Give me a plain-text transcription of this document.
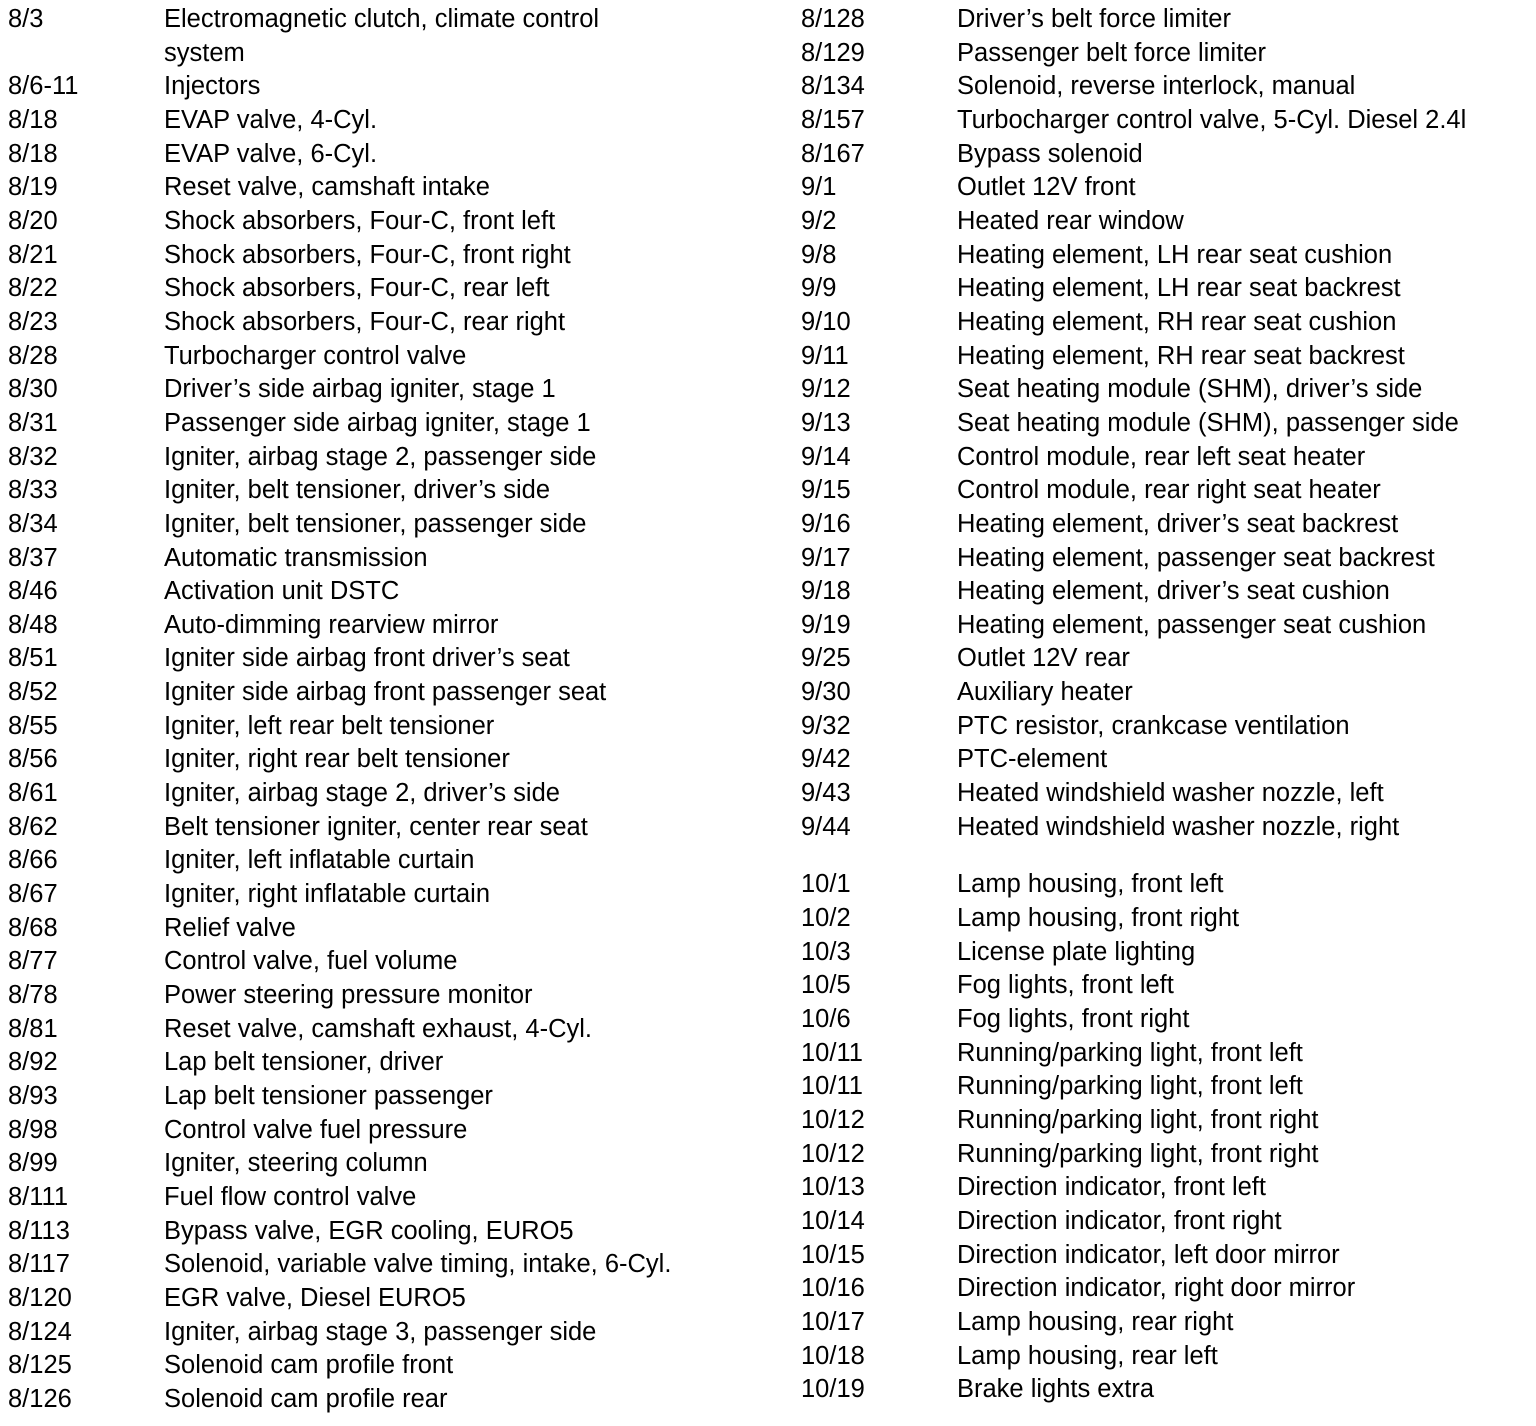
8/3	Electromagnetic clutch, climate control
system
8/6-11	Injectors
8/18	EVAP valve, 4-Cyl.
8/18	EVAP valve, 6-Cyl.
8/19	Reset valve, camshaft intake
8/20	Shock absorbers, Four-C, front left
8/21	Shock absorbers, Four-C, front right
8/22	Shock absorbers, Four-C, rear left
8/23	Shock absorbers, Four-C, rear right
8/28	Turbocharger control valve
8/30	Driver’s side airbag igniter, stage 1
8/31	Passenger side airbag igniter, stage 1
8/32	Igniter, airbag stage 2, passenger side
8/33	Igniter, belt tensioner, driver’s side
8/34	Igniter, belt tensioner, passenger side
8/37	Automatic transmission
8/46	Activation unit DSTC
8/48	Auto-dimming rearview mirror
8/51	Igniter side airbag front driver’s seat
8/52	Igniter side airbag front passenger seat
8/55	Igniter, left rear belt tensioner
8/56	Igniter, right rear belt tensioner
8/61	Igniter, airbag stage 2, driver’s side
8/62	Belt tensioner igniter, center rear seat
8/66	Igniter, left inflatable curtain
8/67	Igniter, right inflatable curtain
8/68	Relief valve
8/77	Control valve, fuel volume
8/78	Power steering pressure monitor
8/81	Reset valve, camshaft exhaust, 4-Cyl.
8/92	Lap belt tensioner, driver
8/93	Lap belt tensioner passenger
8/98	Control valve fuel pressure
8/99	Igniter, steering column
8/111	Fuel flow control valve
8/113	Bypass valve, EGR cooling, EURO5
8/117	Solenoid, variable valve timing, intake, 6-Cyl.
8/120	EGR valve, Diesel EURO5
8/124	Igniter, airbag stage 3, passenger side
8/125	Solenoid cam profile front
8/126	Solenoid cam profile rear
8/128	Driver’s belt force limiter
8/129	Passenger belt force limiter
8/134	Solenoid, reverse interlock, manual
8/157	Turbocharger control valve, 5-Cyl. Diesel 2.4l
8/167	Bypass solenoid
9/1	Outlet 12V front
9/2	Heated rear window
9/8	Heating element, LH rear seat cushion
9/9	Heating element, LH rear seat backrest
9/10	Heating element, RH rear seat cushion
9/11	Heating element, RH rear seat backrest
9/12	Seat heating module (SHM), driver’s side
9/13	Seat heating module (SHM), passenger side
9/14	Control module, rear left seat heater
9/15	Control module, rear right seat heater
9/16	Heating element, driver’s seat backrest
9/17	Heating element, passenger seat backrest
9/18	Heating element, driver’s seat cushion
9/19	Heating element, passenger seat cushion
9/25	Outlet 12V rear
9/30	Auxiliary heater
9/32	PTC resistor, crankcase ventilation
9/42	PTC-element
9/43	Heated windshield washer nozzle, left
9/44	Heated windshield washer nozzle, right
10/1	Lamp housing, front left
10/2	Lamp housing, front right
10/3	License plate lighting
10/5	Fog lights, front left
10/6	Fog lights, front right
10/11	Running/parking light, front left
10/11	Running/parking light, front left
10/12	Running/parking light, front right
10/12	Running/parking light, front right
10/13	Direction indicator, front left
10/14	Direction indicator, front right
10/15	Direction indicator, left door mirror
10/16	Direction indicator, right door mirror
10/17	Lamp housing, rear right
10/18	Lamp housing, rear left
10/19	Brake lights extra
